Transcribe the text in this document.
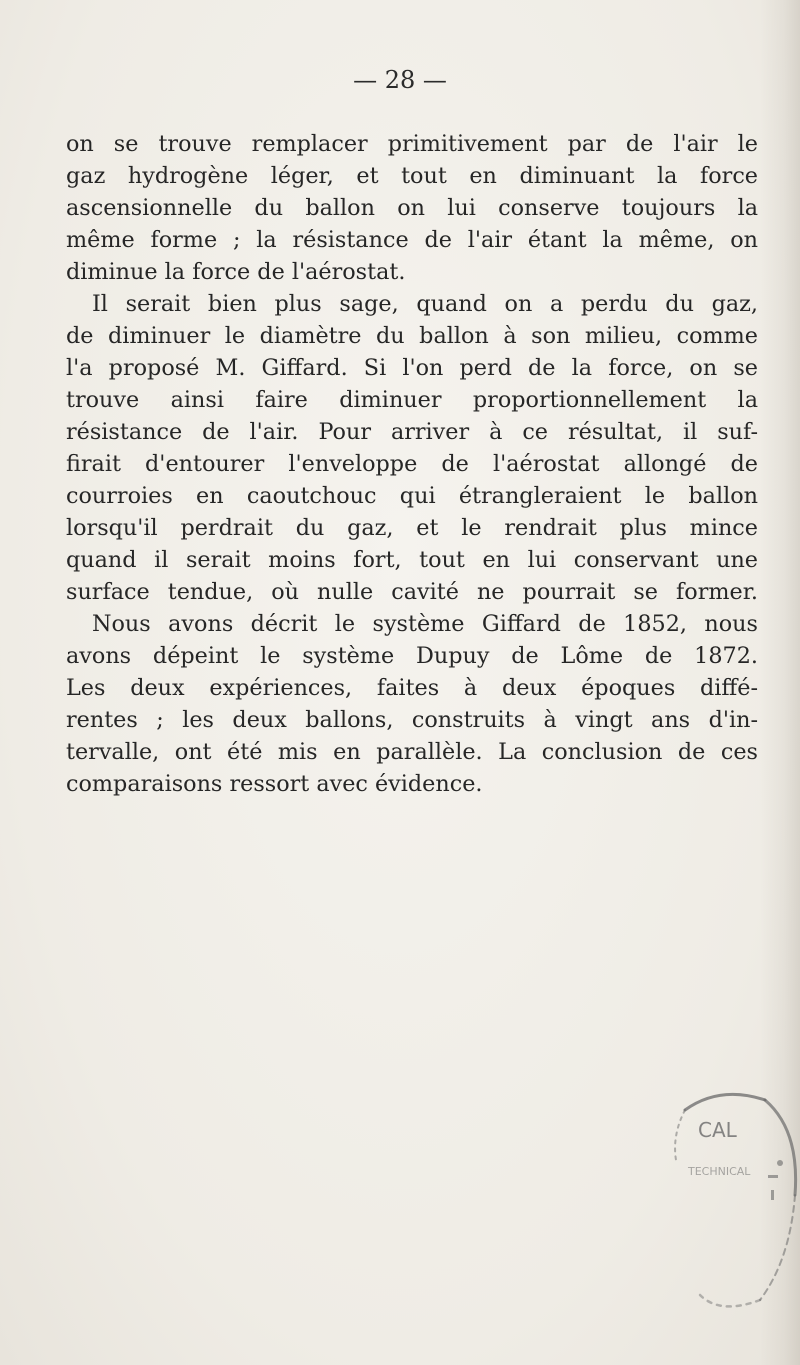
— 28 —
on se trouve remplacer primitivement par de l'air le
gaz hydrogène léger, et tout en diminuant la force
ascensionnelle du ballon on lui conserve toujours la
même forme ; la résistance de l'air étant la même, on
diminue la force de l'aérostat.
Il serait bien plus sage, quand on a perdu du gaz,
de diminuer le diamètre du ballon à son milieu, comme
l'a proposé M. Giffard. Si l'on perd de la force, on se
trouve ainsi faire diminuer proportionnellement la
résistance de l'air. Pour arriver à ce résultat, il suf-
firait d'entourer l'enveloppe de l'aérostat allongé de
courroies en caoutchouc qui étrangleraient le ballon
lorsqu'il perdrait du gaz, et le rendrait plus mince
quand il serait moins fort, tout en lui conservant une
surface tendue, où nulle cavité ne pourrait se former.
Nous avons décrit le système Giffard de 1852, nous
avons dépeint le système Dupuy de Lôme de 1872.
Les deux expériences, faites à deux époques diffé-
rentes ; les deux ballons, construits à vingt ans d'in-
tervalle, ont été mis en parallèle. La conclusion de ces
comparaisons ressort avec évidence.
CAL
TECHNICAL
